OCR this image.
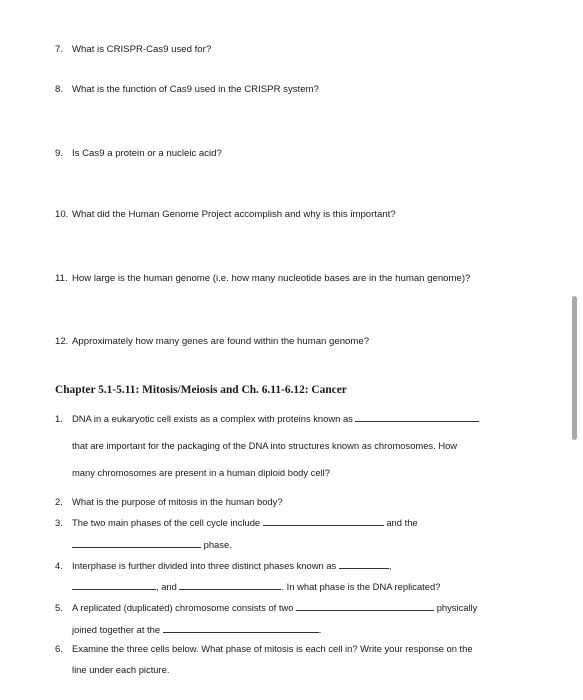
7. What is CRISPR-Cas9 used for?
8. What is the function of Cas9 used in the CRISPR system?
9. Is Cas9 a protein or a nucleic acid?
10. What did the Human Genome Project accomplish and why is this important?
11. How large is the human genome (i.e. how many nucleotide bases are in the human genome)?
12. Approximately how many genes are found within the human genome?
Chapter 5.1-5.11: Mitosis/Meiosis and Ch. 6.11-6.12: Cancer
1. DNA in a eukaryotic cell exists as a complex with proteins known as
that are important for the packaging of the DNA into structures known as chromosomes. How
many chromosomes are present in a human diploid body cell?
2. What is the purpose of mitosis in the human body?
3. The two main phases of the cell cycle include	and the
phase.
4. Interphase is further divided into three distinct phases known as	,
, and	. In what phase is the DNA replicated?
5. A replicated (duplicated) chromosome consists of two	physically
joined together at the	.
6. Examine the three cells below. What phase of mitosis is each cell in? Write your response on the
line under each picture.
